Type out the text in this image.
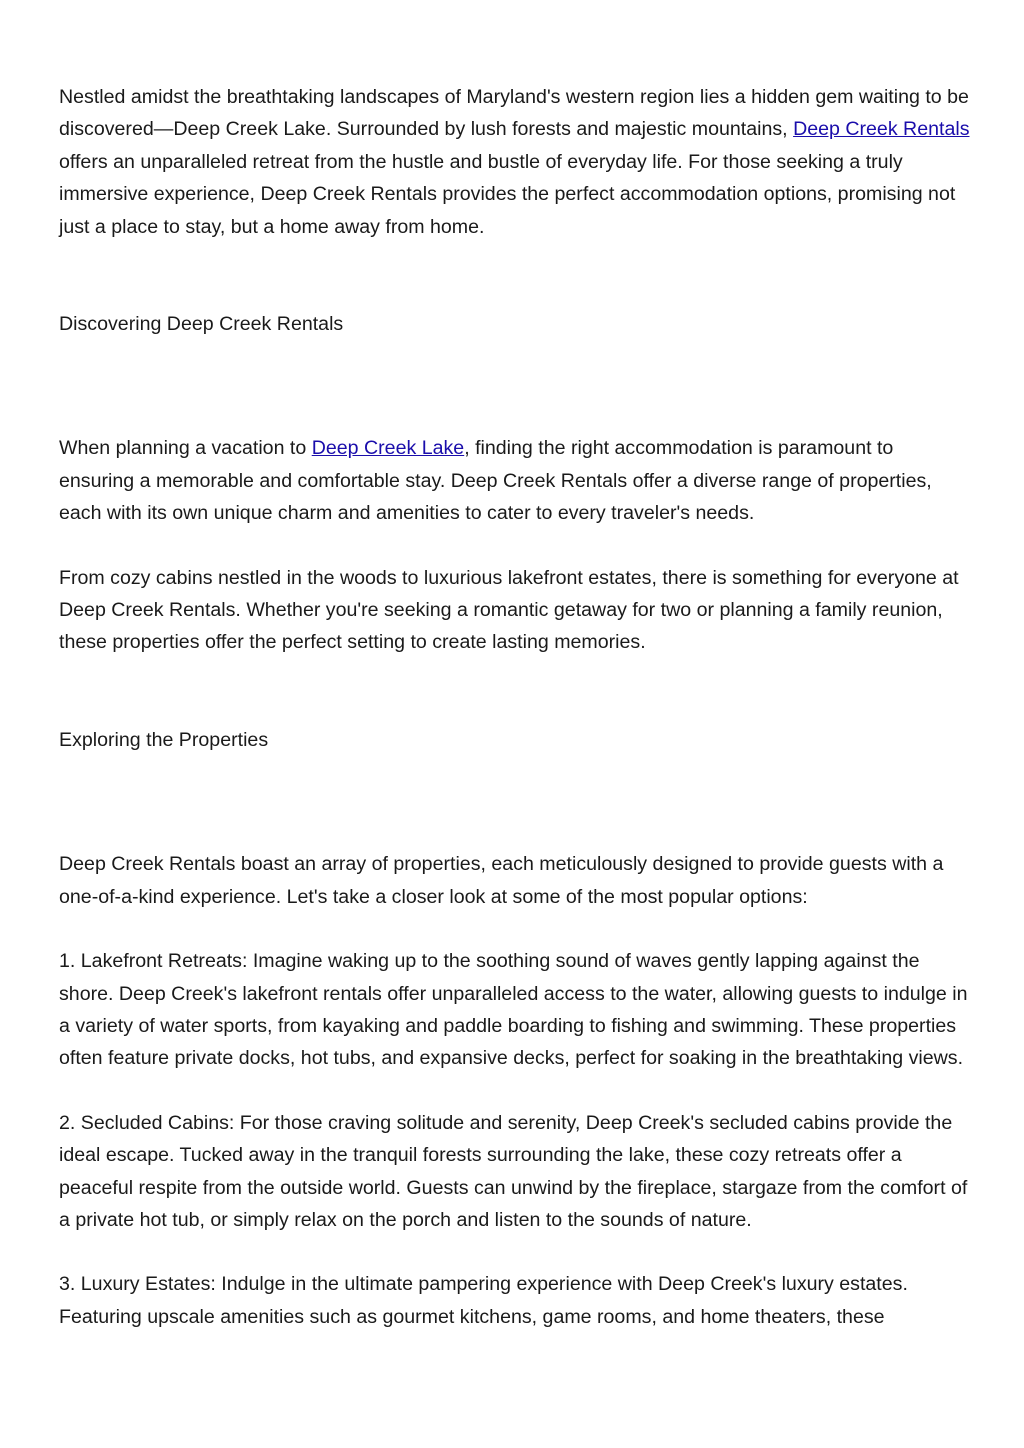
Nestled amidst the breathtaking landscapes of Maryland's western region lies a hidden gem waiting to be discovered—Deep Creek Lake. Surrounded by lush forests and majestic mountains, Deep Creek Rentals offers an unparalleled retreat from the hustle and bustle of everyday life. For those seeking a truly immersive experience, Deep Creek Rentals provides the perfect accommodation options, promising not just a place to stay, but a home away from home.

Discovering Deep Creek Rentals

When planning a vacation to Deep Creek Lake, finding the right accommodation is paramount to ensuring a memorable and comfortable stay. Deep Creek Rentals offer a diverse range of properties, each with its own unique charm and amenities to cater to every traveler's needs.

From cozy cabins nestled in the woods to luxurious lakefront estates, there is something for everyone at Deep Creek Rentals. Whether you're seeking a romantic getaway for two or planning a family reunion, these properties offer the perfect setting to create lasting memories.

Exploring the Properties

Deep Creek Rentals boast an array of properties, each meticulously designed to provide guests with a one-of-a-kind experience. Let's take a closer look at some of the most popular options:

1. Lakefront Retreats: Imagine waking up to the soothing sound of waves gently lapping against the shore. Deep Creek's lakefront rentals offer unparalleled access to the water, allowing guests to indulge in a variety of water sports, from kayaking and paddle boarding to fishing and swimming. These properties often feature private docks, hot tubs, and expansive decks, perfect for soaking in the breathtaking views.

2. Secluded Cabins: For those craving solitude and serenity, Deep Creek's secluded cabins provide the ideal escape. Tucked away in the tranquil forests surrounding the lake, these cozy retreats offer a peaceful respite from the outside world. Guests can unwind by the fireplace, stargaze from the comfort of a private hot tub, or simply relax on the porch and listen to the sounds of nature.

3. Luxury Estates: Indulge in the ultimate pampering experience with Deep Creek's luxury estates. Featuring upscale amenities such as gourmet kitchens, game rooms, and home theaters, these
